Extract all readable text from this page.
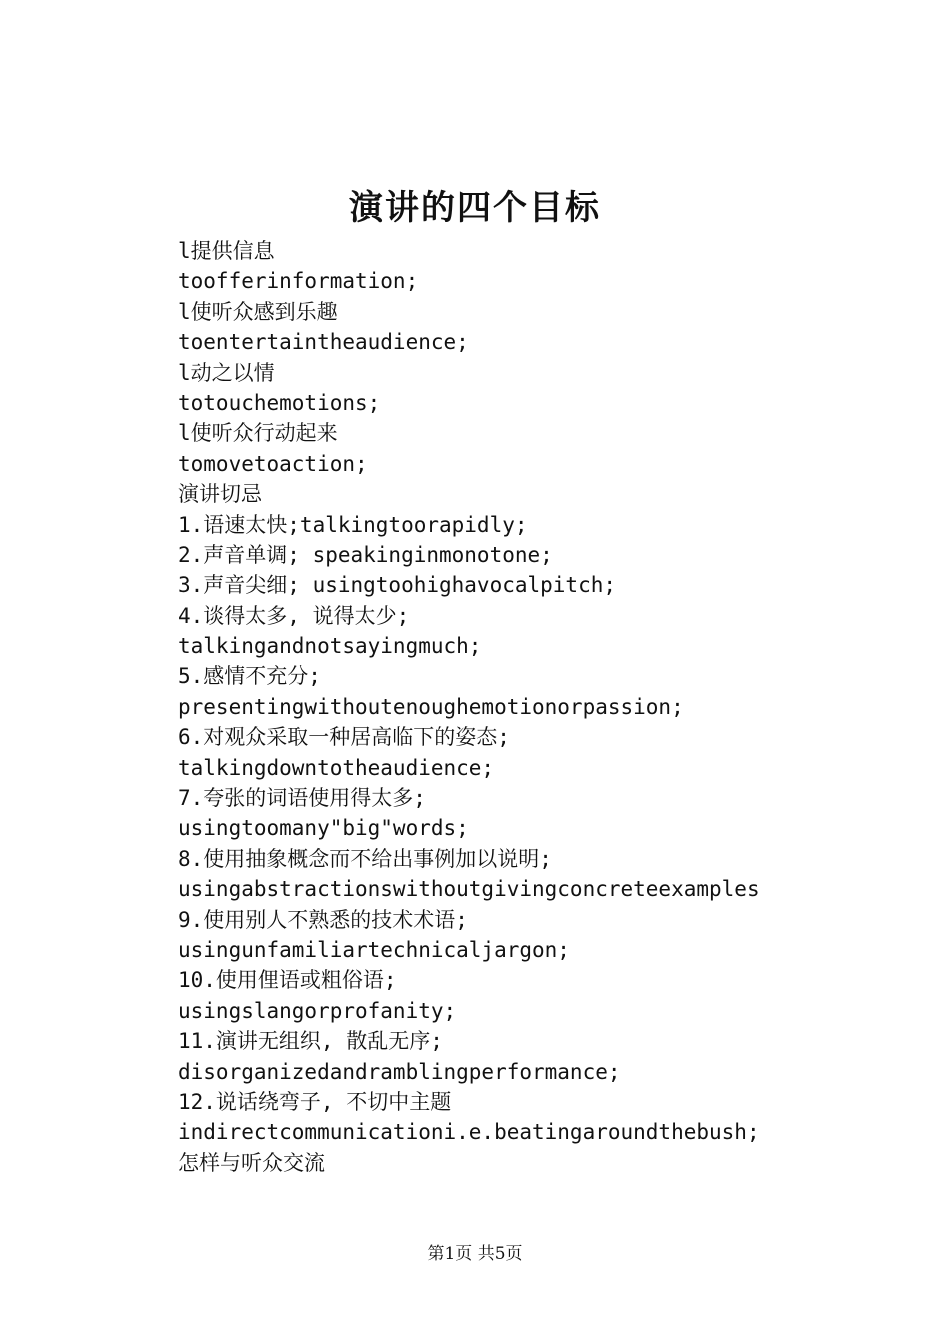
演讲的四个目标
l提供信息
toofferinformation;
l使听众感到乐趣
toentertaintheaudience;
l动之以情
totouchemotions;
l使听众行动起来
tomovetoaction;
演讲切忌
1.语速太快;talkingtoorapidly;
2.声音单调; speakinginmonotone;
3.声音尖细; usingtoohighavocalpitch;
4.谈得太多, 说得太少;
talkingandnotsayingmuch;
5.感情不充分;
presentingwithoutenoughemotionorpassion;
6.对观众采取一种居高临下的姿态;
talkingdowntotheaudience;
7.夸张的词语使用得太多;
usingtoomany"big"words;
8.使用抽象概念而不给出事例加以说明;
usingabstractionswithoutgivingconcreteexamples
9.使用别人不熟悉的技术术语;
usingunfamiliartechnicaljargon;
10.使用俚语或粗俗语;
usingslangorprofanity;
11.演讲无组织, 散乱无序;
disorganizedandramblingperformance;
12.说话绕弯子, 不切中主题
indirectcommunicationi.e.beatingaroundthebush;
怎样与听众交流
第1页 共5页
